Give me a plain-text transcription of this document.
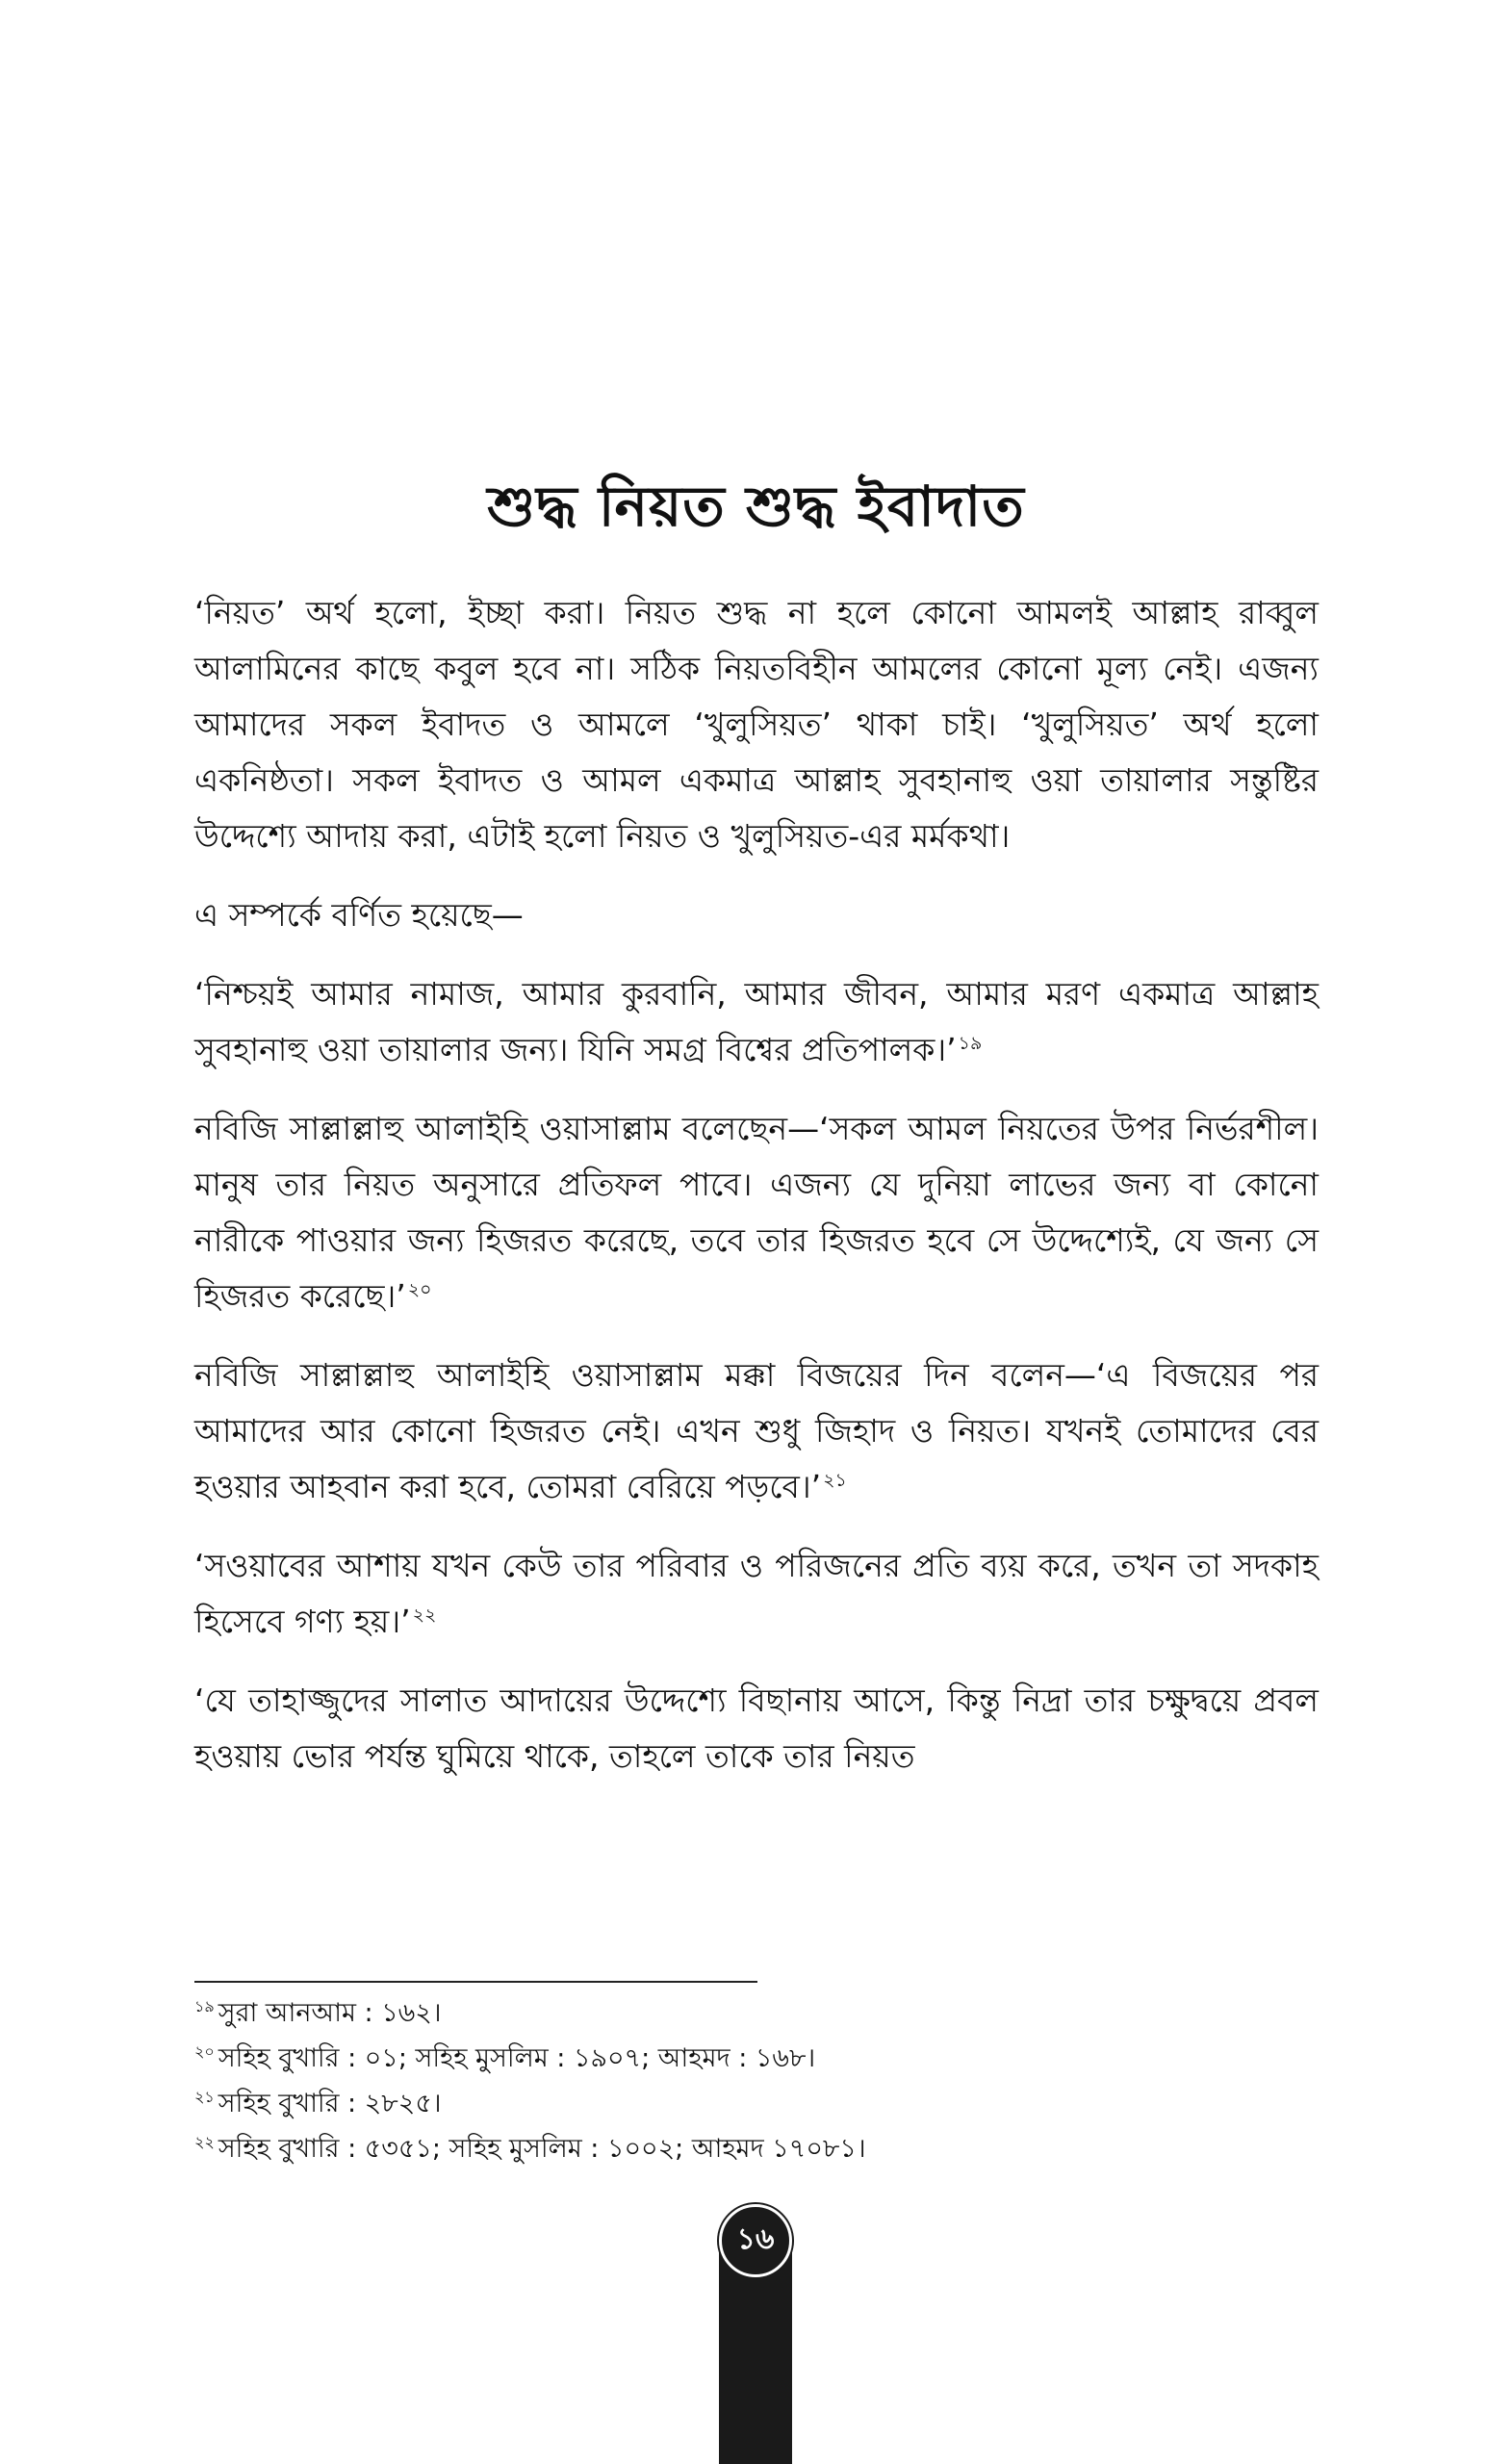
শুদ্ধ নিয়ত শুদ্ধ ইবাদাত

‘নিয়ত’ অর্থ হলো, ইচ্ছা করা। নিয়ত শুদ্ধ না হলে কোনো আমলই আল্লাহ রাব্বুল আলামিনের কাছে কবুল হবে না। সঠিক নিয়তবিহীন আমলের কোনো মূল্য নেই। এজন্য আমাদের সকল ইবাদত ও আমলে ‘খুলুসিয়ত’ থাকা চাই। ‘খুলুসিয়ত’ অর্থ হলো একনিষ্ঠতা। সকল ইবাদত ও আমল একমাত্র আল্লাহ সুবহানাহু ওয়া তায়ালার সন্তুষ্টির উদ্দেশ্যে আদায় করা, এটাই হলো নিয়ত ও খুলুসিয়ত-এর মর্মকথা।

এ সম্পর্কে বর্ণিত হয়েছে—

‘নিশ্চয়ই আমার নামাজ, আমার কুরবানি, আমার জীবন, আমার মরণ একমাত্র আল্লাহ সুবহানাহু ওয়া তায়ালার জন্য। যিনি সমগ্র বিশ্বের প্রতিপালক।’ $^{১৯}$

নবিজি সাল্লাল্লাহু আলাইহি ওয়াসাল্লাম বলেছেন—‘সকল আমল নিয়তের উপর নির্ভরশীল। মানুষ তার নিয়ত অনুসারে প্রতিফল পাবে। এজন্য যে দুনিয়া লাভের জন্য বা কোনো নারীকে পাওয়ার জন্য হিজরত করেছে, তবে তার হিজরত হবে সে উদ্দেশ্যেই, যে জন্য সে হিজরত করেছে।’ $^{২০}$

নবিজি সাল্লাল্লাহু আলাইহি ওয়াসাল্লাম মক্কা বিজয়ের দিন বলেন—‘এ বিজয়ের পর আমাদের আর কোনো হিজরত নেই। এখন শুধু জিহাদ ও নিয়ত। যখনই তোমাদের বের হওয়ার আহবান করা হবে, তোমরা বেরিয়ে পড়বে।’ $^{২১}$

‘সওয়াবের আশায় যখন কেউ তার পরিবার ও পরিজনের প্রতি ব্যয় করে, তখন তা সদকাহ হিসেবে গণ্য হয়।’ $^{২২}$

‘যে তাহাজ্জুদের সালাত আদায়ের উদ্দেশ্যে বিছানায় আসে, কিন্তু নিদ্রা তার চক্ষুদ্বয়ে প্রবল হওয়ায় ভোর পর্যন্ত ঘুমিয়ে থাকে, তাহলে তাকে তার নিয়ত

$^{১৯}$ সুরা আনআম : ১৬২।
$^{২০}$ সহিহ বুখারি : ০১; সহিহ মুসলিম : ১৯০৭; আহমদ : ১৬৮।
$^{২১}$ সহিহ বুখারি : ২৮২৫।
$^{২২}$ সহিহ বুখারি : ৫৩৫১; সহিহ মুসলিম : ১০০২; আহমদ ১৭০৮১।
১৬
